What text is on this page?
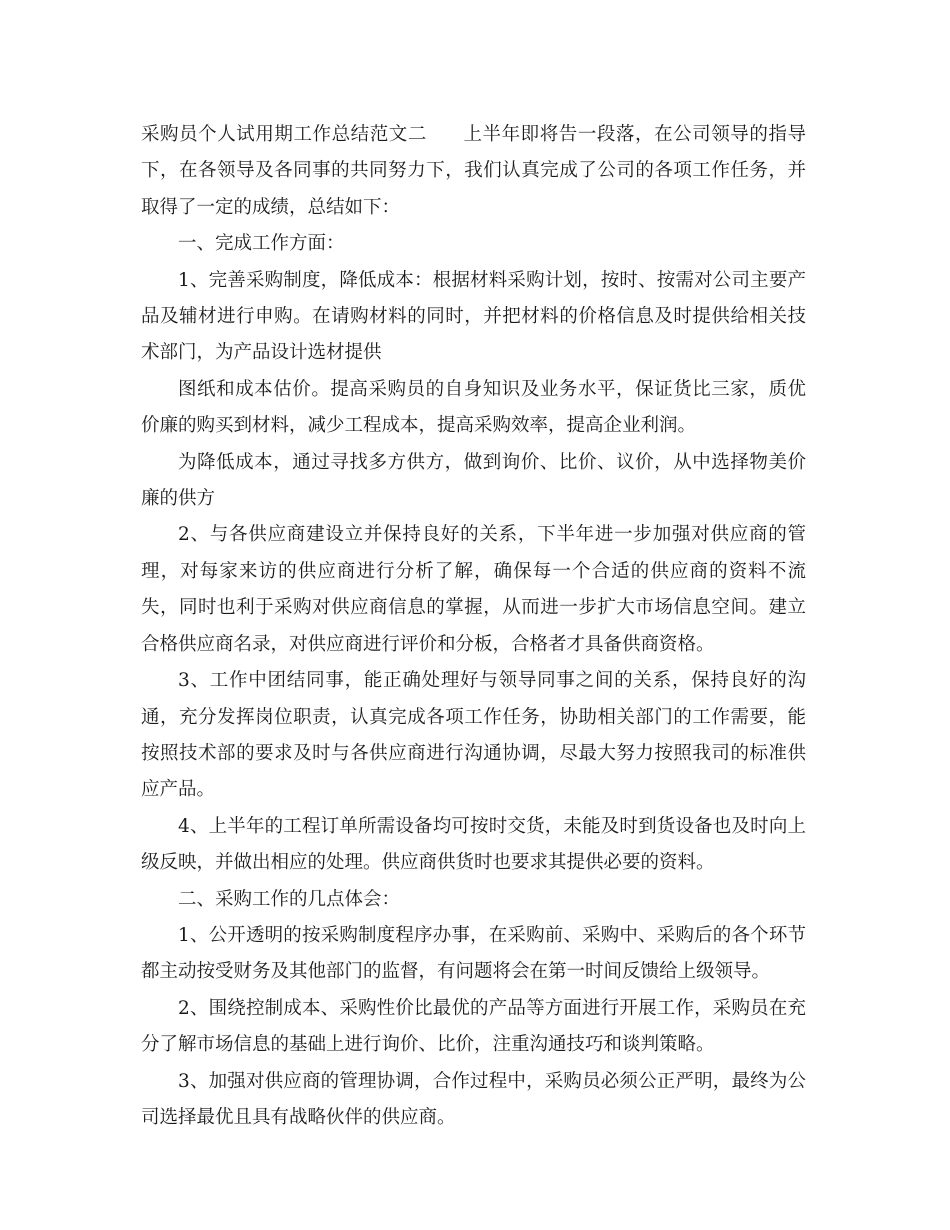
采购员个人试用期工作总结范文二 上半年即将告一段落，在公司领导的指导下，在各领导及各同事的共同努力下，我们认真完成了公司的各项工作任务，并取得了一定的成绩，总结如下：

一、完成工作方面：

1、完善采购制度，降低成本：根据材料采购计划，按时、按需对公司主要产品及辅材进行申购。在请购材料的同时，并把材料的价格信息及时提供给相关技术部门，为产品设计选材提供

图纸和成本估价。提高采购员的自身知识及业务水平，保证货比三家，质优价廉的购买到材料，减少工程成本，提高采购效率，提高企业利润。

为降低成本，通过寻找多方供方，做到询价、比价、议价，从中选择物美价廉的供方

2、与各供应商建设立并保持良好的关系，下半年进一步加强对供应商的管理，对每家来访的供应商进行分析了解，确保每一个合适的供应商的资料不流失，同时也利于采购对供应商信息的掌握，从而进一步扩大市场信息空间。建立合格供应商名录，对供应商进行评价和分板，合格者才具备供商资格。

3、工作中团结同事，能正确处理好与领导同事之间的关系，保持良好的沟通，充分发挥岗位职责，认真完成各项工作任务，协助相关部门的工作需要，能按照技术部的要求及时与各供应商进行沟通协调，尽最大努力按照我司的标准供应产品。

4、上半年的工程订单所需设备均可按时交货，未能及时到货设备也及时向上级反映，并做出相应的处理。供应商供货时也要求其提供必要的资料。

二、采购工作的几点体会：

1、公开透明的按采购制度程序办事，在采购前、采购中、采购后的各个环节都主动按受财务及其他部门的监督，有问题将会在第一时间反馈给上级领导。

2、围绕控制成本、采购性价比最优的产品等方面进行开展工作，采购员在充分了解市场信息的基础上进行询价、比价，注重沟通技巧和谈判策略。

3、加强对供应商的管理协调，合作过程中，采购员必须公正严明，最终为公司选择最优且具有战略伙伴的供应商。
